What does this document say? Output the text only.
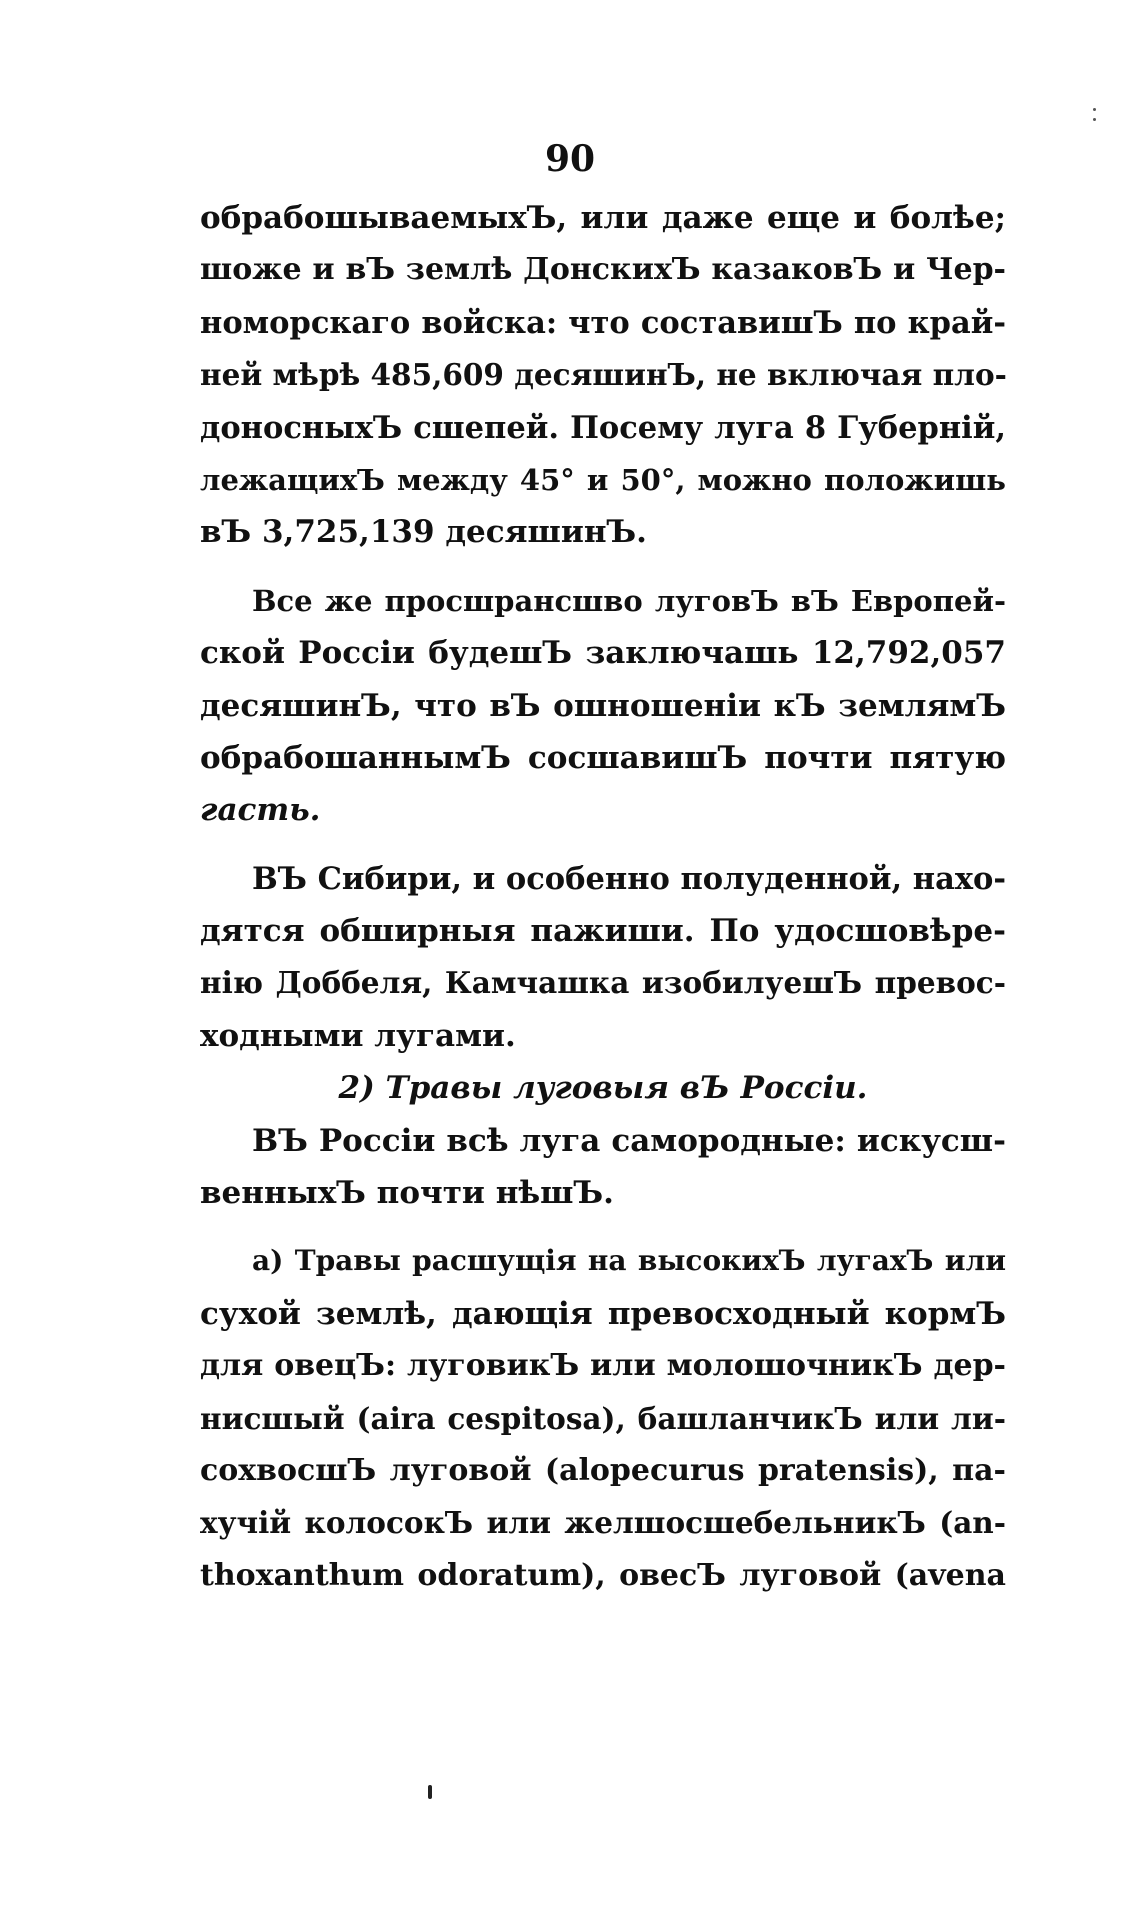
90
обрабошываемыхЪ, или даже еще и болѣе;
шоже и вЪ землѣ ДонскихЪ казаковЪ и Чер-
номорскаго войска: что составишЪ по край-
ней мѣрѣ 485,609 десяшинЪ, не включая пло-
доносныхЪ сшепей. Посему луга 8 Губерній,
лежащихЪ между 45° и 50°, можно положишь
вЪ 3,725,139 десяшинЪ.
Все же просшрансшво луговЪ вЪ Европей-
ской Россіи будешЪ заключашь 12,792,057
десяшинЪ, что вЪ ошношеніи кЪ землямЪ
обрабошаннымЪ сосшавишЪ почти пятую
гасть.
ВЪ Сибири, и особенно полуденной, нахо-
дятся обширныя пажиши. По удосшовѣре-
нію Доббеля, Камчашка изобилуешЪ превос-
ходными лугами.
2) Травы луговыя вЪ Россіи.
ВЪ Россіи всѣ луга самородные: искусш-
венныхЪ почти нѣшЪ.
а) Травы расшущія на высокихЪ лугахЪ или
сухой землѣ, дающія превосходный кормЪ
для овецЪ: луговикЪ или молошочникЪ дер-
нисшый (aira cespitosa), башланчикЪ или ли-
сохвосшЪ луговой (alopecurus pratensis), па-
хучій колосокЪ или желшосшебельникЪ (an-
thoxanthum odoratum), овесЪ луговой (avena
